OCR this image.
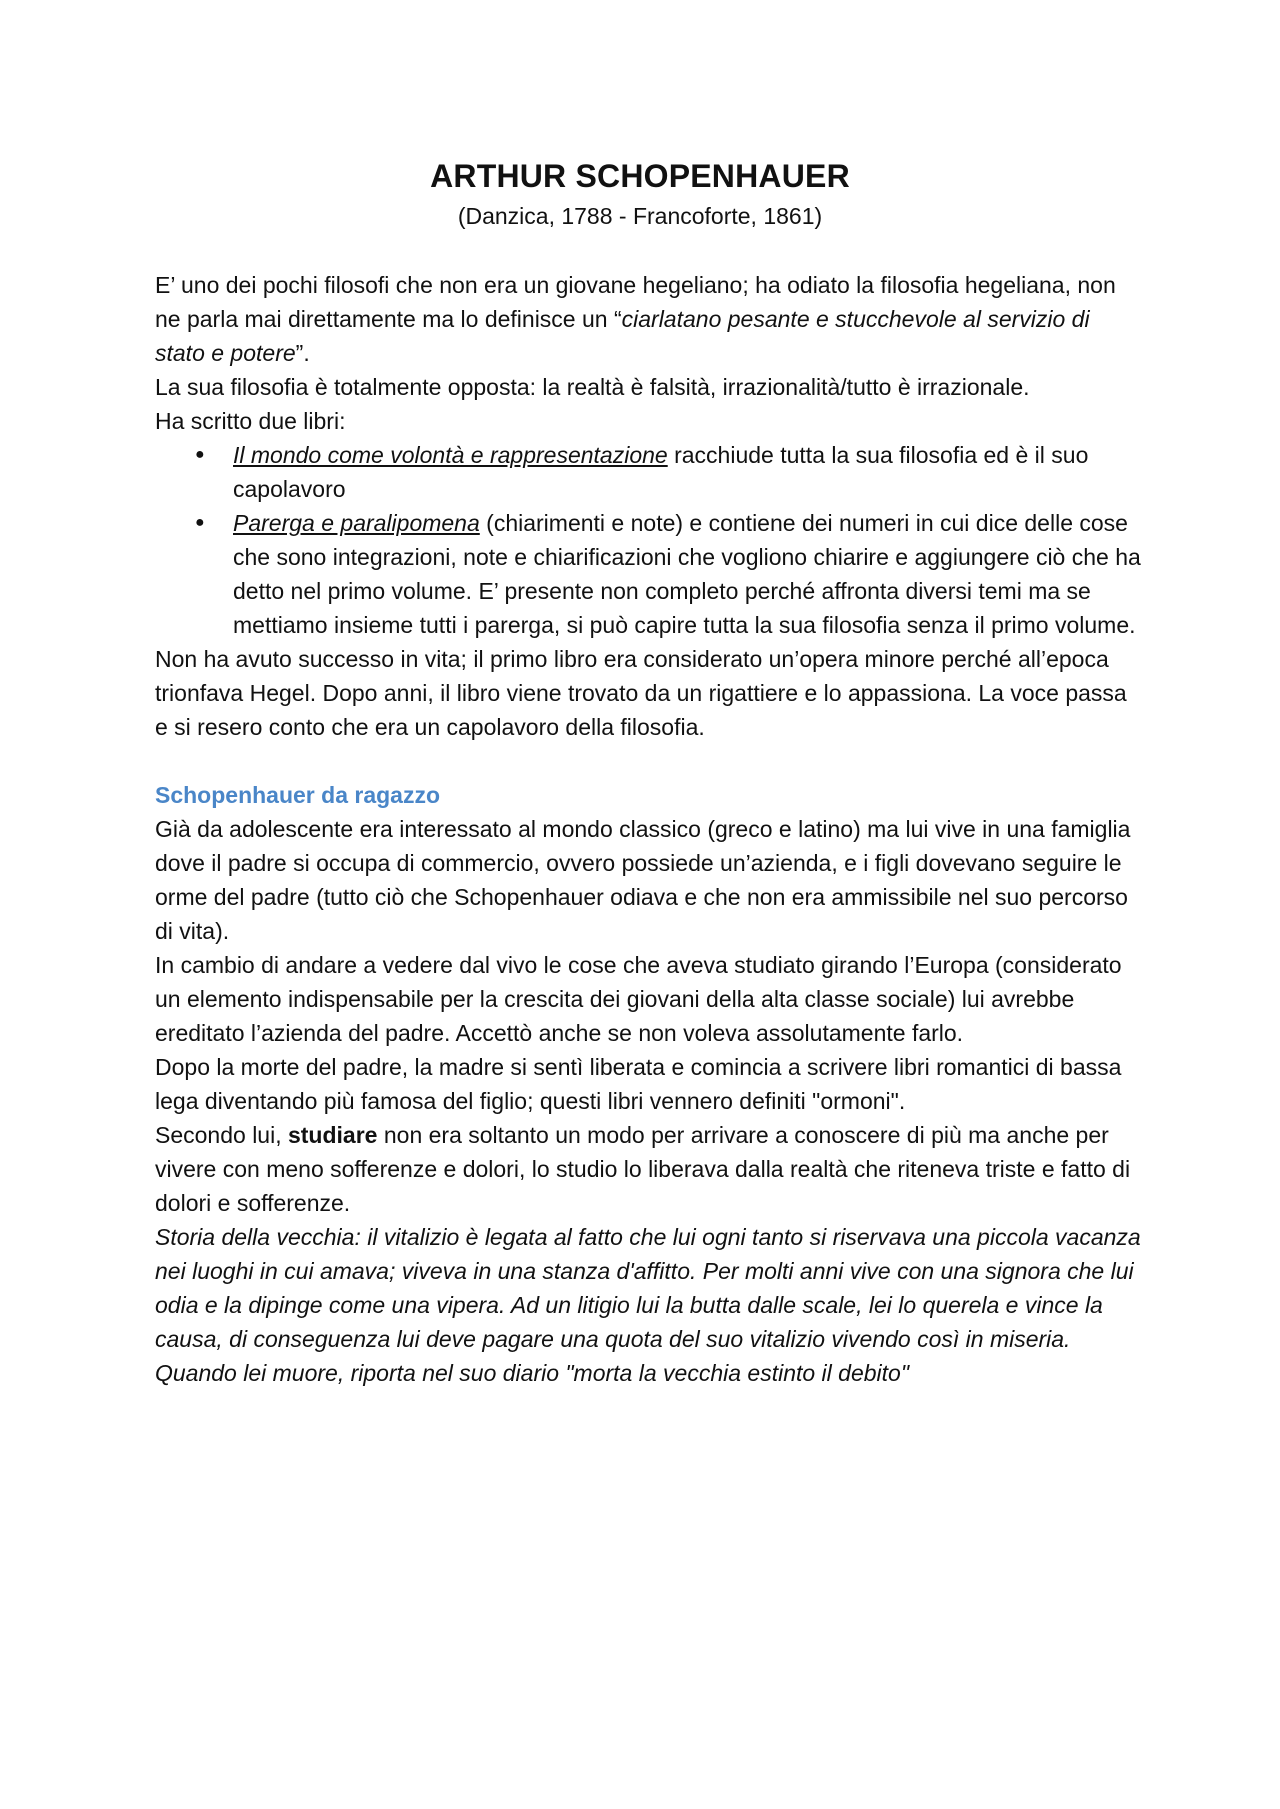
ARTHUR SCHOPENHAUER
(Danzica, 1788 - Francoforte, 1861)

E’ uno dei pochi filosofi che non era un giovane hegeliano; ha odiato la filosofia hegeliana, non ne parla mai direttamente ma lo definisce un “ciarlatano pesante e stucchevole al servizio di stato e potere”.

La sua filosofia è totalmente opposta: la realtà è falsità, irrazionalità/tutto è irrazionale.

Ha scritto due libri:

● Il mondo come volontà e rappresentazione racchiude tutta la sua filosofia ed è il suo capolavoro
● Parerga e paralipomena (chiarimenti e note) e contiene dei numeri in cui dice delle cose che sono integrazioni, note e chiarificazioni che vogliono chiarire e aggiungere ciò che ha detto nel primo volume. E’ presente non completo perché affronta diversi temi ma se mettiamo insieme tutti i parerga, si può capire tutta la sua filosofia senza il primo volume.

Non ha avuto successo in vita; il primo libro era considerato un’opera minore perché all’epoca trionfava Hegel. Dopo anni, il libro viene trovato da un rigattiere e lo appassiona. La voce passa e si resero conto che era un capolavoro della filosofia.

Schopenhauer da ragazzo

Già da adolescente era interessato al mondo classico (greco e latino) ma lui vive in una famiglia dove il padre si occupa di commercio, ovvero possiede un’azienda, e i figli dovevano seguire le orme del padre (tutto ciò che Schopenhauer odiava e che non era ammissibile nel suo percorso di vita).

In cambio di andare a vedere dal vivo le cose che aveva studiato girando l’Europa (considerato un elemento indispensabile per la crescita dei giovani della alta classe sociale) lui avrebbe ereditato l’azienda del padre. Accettò anche se non voleva assolutamente farlo.

Dopo la morte del padre, la madre si sentì liberata e comincia a scrivere libri romantici di bassa lega diventando più famosa del figlio; questi libri vennero definiti "ormoni".

Secondo lui, studiare non era soltanto un modo per arrivare a conoscere di più ma anche per vivere con meno sofferenze e dolori, lo studio lo liberava dalla realtà che riteneva triste e fatto di dolori e sofferenze.

Storia della vecchia: il vitalizio è legata al fatto che lui ogni tanto si riservava una piccola vacanza nei luoghi in cui amava; viveva in una stanza d'affitto. Per molti anni vive con una signora che lui odia e la dipinge come una vipera. Ad un litigio lui la butta dalle scale, lei lo querela e vince la causa, di conseguenza lui deve pagare una quota del suo vitalizio vivendo così in miseria. Quando lei muore, riporta nel suo diario "morta la vecchia estinto il debito"
